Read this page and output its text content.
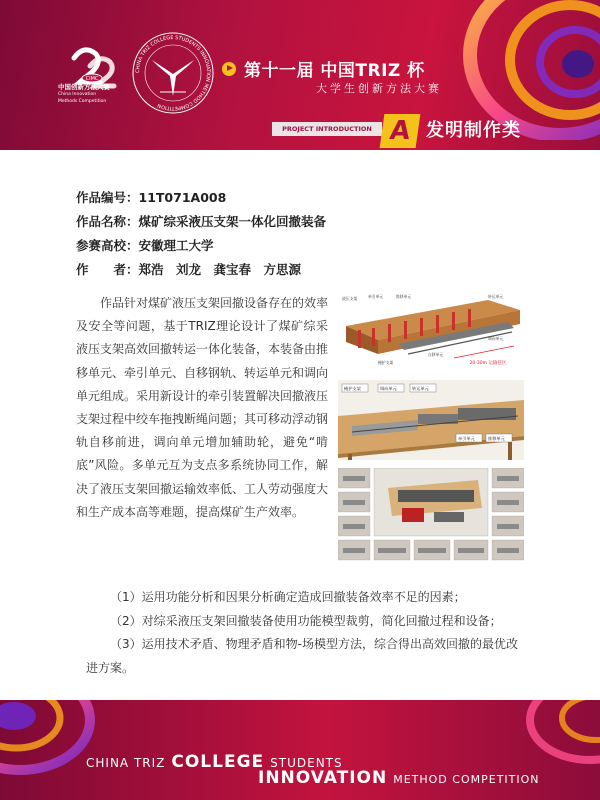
CIMC
中国创新方法大赛
China Innovation
Methods Competition
CHINA TRIZ COLLEGE STUDENTS INNOVATION METHOD COMPETITION
第十一届 中国TRIZ 杯
大学生创新方法大赛
PROJECT INTRODUCTION A 发明制作类
作品编号： 11T071A008
作品名称： 煤矿综采液压支架一体化回撤装备
参赛高校： 安徽理工大学
作　　者： 郑浩　刘龙　龚宝春　方思源

作品针对煤矿液压支架回撤设备存在的效率及安全等问题，基于TRIZ理论设计了煤矿综采液压支架高效回撤转运一体化装备，本装备由推移单元、牵引单元、自移钢轨、转运单元和调向单元组成。采用新设计的牵引装置解决回撤液压支架过程中绞车拖拽断绳问题；其可移动浮动钢轨自移前进，调向单元增加辅助轮，避免“啃底”风险。多单元互为支点多系统协同工作，解决了液压支架回撤运输效率低、工人劳动强度大和生产成本高等难题，提高煤矿生产效率。

20-30m 运输巷区
液压支架	牵引单元	推移单元	转运单元
调向单元
自移单元
掩护支架
掩护支架	调向单元	转运单元
牵引单元	推移单元

（1）运用功能分析和因果分析确定造成回撤装备效率不足的因素；

（2）对综采液压支架回撤装备使用功能模型裁剪，简化回撤过程和设备；

（3）运用技术矛盾、物理矛盾和物-场模型方法，综合得出高效回撤的最优改进方案。

CHINA TRIZ COLLEGE STUDENTS
INNOVATION METHOD COMPETITION
